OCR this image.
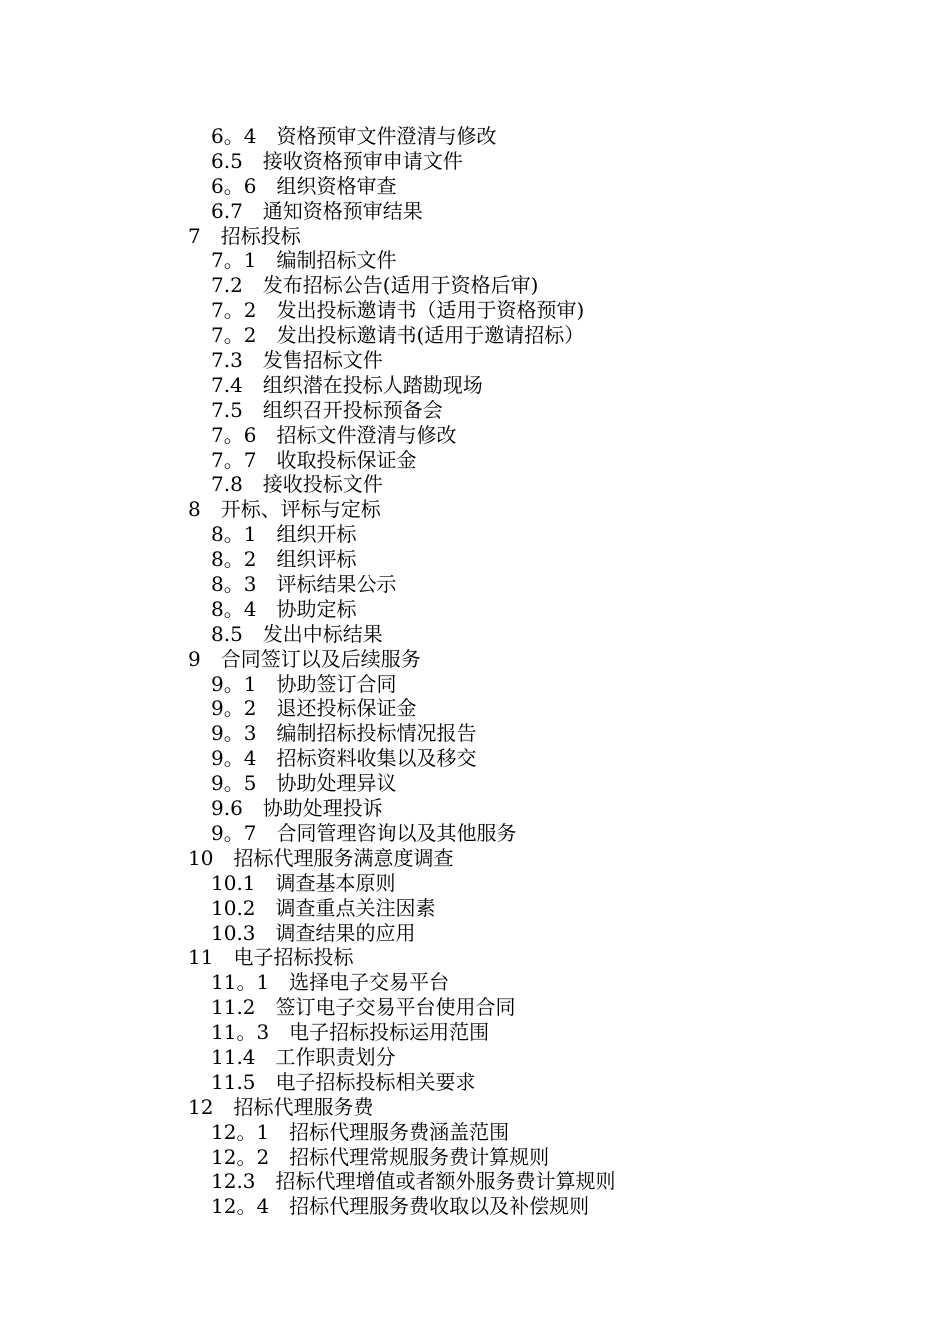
6。4　资格预审文件澄清与修改
6.5　接收资格预审申请文件
6。6　组织资格审查
6.7　通知资格预审结果
7　招标投标
7。1　编制招标文件
7.2　发布招标公告(适用于资格后审)
7。2　发出投标邀请书（适用于资格预审)
7。2　发出投标邀请书(适用于邀请招标）
7.3　发售招标文件
7.4　组织潜在投标人踏勘现场
7.5　组织召开投标预备会
7。6　招标文件澄清与修改
7。7　收取投标保证金
7.8　接收投标文件
8　开标、评标与定标
8。1　组织开标
8。2　组织评标
8。3　评标结果公示
8。4　协助定标
8.5　发出中标结果
9　合同签订以及后续服务
9。1　协助签订合同
9。2　退还投标保证金
9。3　编制招标投标情况报告
9。4　招标资料收集以及移交
9。5　协助处理异议
9.6　协助处理投诉
9。7　合同管理咨询以及其他服务
10　招标代理服务满意度调查
10.1　调查基本原则
10.2　调查重点关注因素
10.3　调查结果的应用
11　电子招标投标
11。1　选择电子交易平台
11.2　签订电子交易平台使用合同
11。3　电子招标投标运用范围
11.4　工作职责划分
11.5　电子招标投标相关要求
12　招标代理服务费
12。1　招标代理服务费涵盖范围
12。2　招标代理常规服务费计算规则
12.3　招标代理增值或者额外服务费计算规则
12。4　招标代理服务费收取以及补偿规则
